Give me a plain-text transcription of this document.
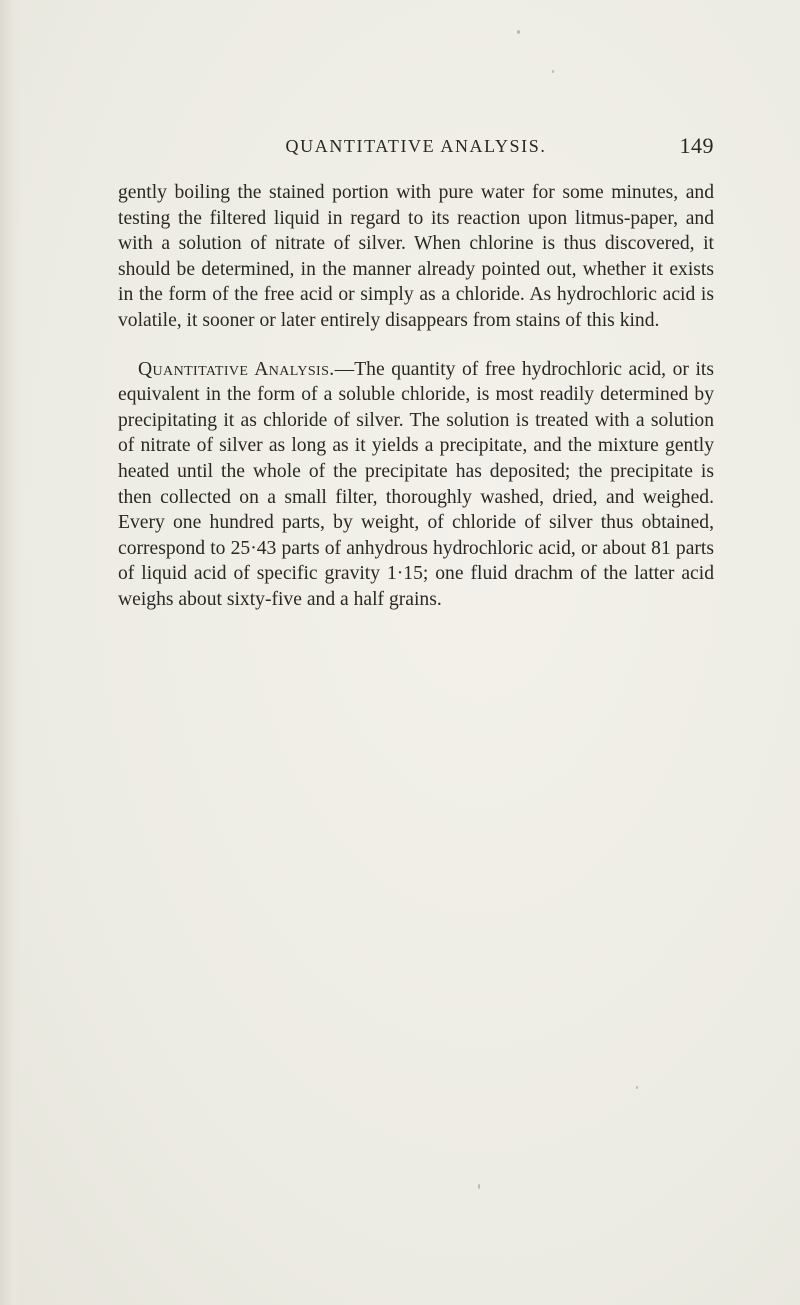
QUANTITATIVE ANALYSIS.	149

gently boiling the stained portion with pure water for some minutes, and testing the filtered liquid in regard to its reaction upon litmus-paper, and with a solution of nitrate of silver. When chlorine is thus discovered, it should be determined, in the manner already pointed out, whether it exists in the form of the free acid or simply as a chloride. As hydrochloric acid is volatile, it sooner or later entirely disappears from stains of this kind.

Quantitative Analysis.—The quantity of free hydrochloric acid, or its equivalent in the form of a soluble chloride, is most readily determined by precipitating it as chloride of silver. The solution is treated with a solution of nitrate of silver as long as it yields a precipitate, and the mixture gently heated until the whole of the precipitate has deposited; the precipitate is then collected on a small filter, thoroughly washed, dried, and weighed. Every one hundred parts, by weight, of chloride of silver thus obtained, correspond to 25·43 parts of anhydrous hydrochloric acid, or about 81 parts of liquid acid of specific gravity 1·15; one fluid drachm of the latter acid weighs about sixty-five and a half grains.
